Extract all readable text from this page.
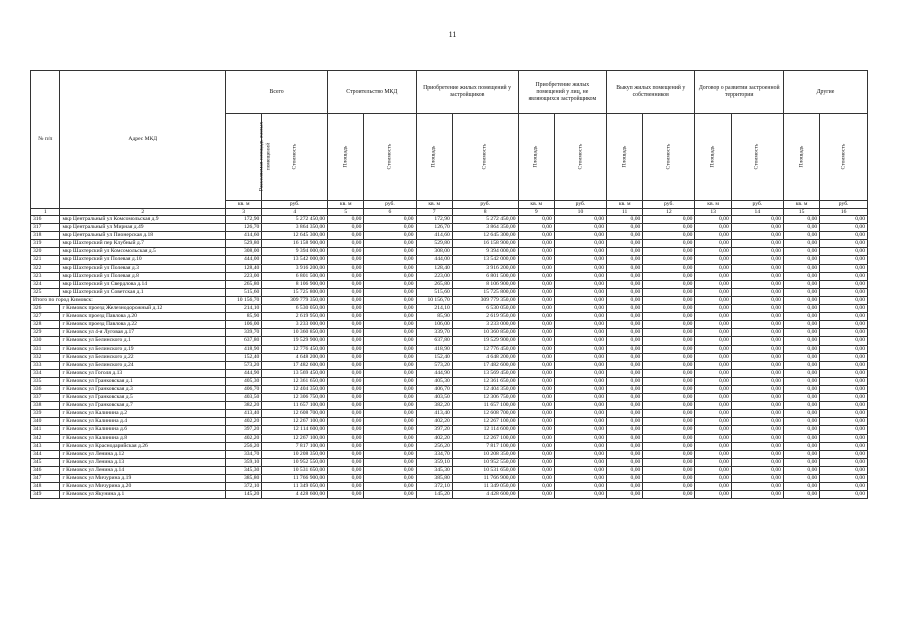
11
№ п/п	Адрес МКД	Всего		Строительство МКД		Приобретение жилых помещений у застройщиков		Приобретение жилых помещений у лиц, не являющихся застройщиком		Выкуп жилых помещений у собственников		Договор о развитии застроенной территории		Другие	
		Расселяемая площадь жилых помещений	Стоимость	Площадь	Стоимость	Площадь	Стоимость	Площадь	Стоимость	Площадь	Стоимость	Площадь	Стоимость	Площадь	Стоимость
		кв. м	руб.	кв. м	руб.	кв. м	руб.	кв. м	руб.	кв. м	руб.	кв. м	руб.	кв. м	руб.
1	2	3	4	5	6	7	8	9	10	11	12	13	14	15	16
316	мкр Центральный ул Комсомольская д.9	172,90	5 272 450,00	0,00	0,00	172,90	5 272 450,00	0,00	0,00	0,00	0,00	0,00	0,00	0,00	0,00
317	мкр Центральный ул Мирная д.49	126,70	3 864 350,00	0,00	0,00	126,70	3 864 350,00	0,00	0,00	0,00	0,00	0,00	0,00	0,00	0,00
318	мкр Центральный ул Пионерская д.18	414,60	12 645 300,00	0,00	0,00	414,60	12 645 300,00	0,00	0,00	0,00	0,00	0,00	0,00	0,00	0,00
319	мкр Шахтерский пер Клубный д.7	529,80	16 158 900,00	0,00	0,00	529,80	16 158 900,00	0,00	0,00	0,00	0,00	0,00	0,00	0,00	0,00
320	мкр Шахтерский ул Комсомольская д.5	308,00	9 394 000,00	0,00	0,00	308,00	9 394 000,00	0,00	0,00	0,00	0,00	0,00	0,00	0,00	0,00
321	мкр Шахтерский ул Полевая д.10	444,00	13 542 000,00	0,00	0,00	444,00	13 542 000,00	0,00	0,00	0,00	0,00	0,00	0,00	0,00	0,00
322	мкр Шахтерский ул Полевая д.3	128,40	3 916 200,00	0,00	0,00	128,40	3 916 200,00	0,00	0,00	0,00	0,00	0,00	0,00	0,00	0,00
323	мкр Шахтерский ул Полевая д.8	223,00	6 801 500,00	0,00	0,00	223,00	6 801 500,00	0,00	0,00	0,00	0,00	0,00	0,00	0,00	0,00
324	мкр Шахтерский ул Свердлова д.14	265,80	8 106 900,00	0,00	0,00	265,80	8 106 900,00	0,00	0,00	0,00	0,00	0,00	0,00	0,00	0,00
325	мкр Шахтерский ул Советская д.1	515,60	15 725 800,00	0,00	0,00	515,60	15 725 800,00	0,00	0,00	0,00	0,00	0,00	0,00	0,00	0,00
Итого по город Кимовск:		10 156,70	309 779 350,00	0,00	0,00	10 156,70	309 779 350,00	0,00	0,00	0,00	0,00	0,00	0,00	0,00	0,00
326	г Кимовск проезд Железнодорожный д.12	214,10	6 530 050,00	0,00	0,00	214,10	6 530 050,00	0,00	0,00	0,00	0,00	0,00	0,00	0,00	0,00
327	г Кимовск проезд Павлова д.20	85,90	2 619 950,00	0,00	0,00	85,90	2 619 950,00	0,00	0,00	0,00	0,00	0,00	0,00	0,00	0,00
328	г Кимовск проезд Павлова д.22	106,00	3 233 000,00	0,00	0,00	106,00	3 233 000,00	0,00	0,00	0,00	0,00	0,00	0,00	0,00	0,00
329	г Кимовск ул 4-я Луговая д.17	339,70	10 360 850,00	0,00	0,00	339,70	10 360 850,00	0,00	0,00	0,00	0,00	0,00	0,00	0,00	0,00
330	г Кимовск ул Белинского д.1	637,80	19 529 900,00	0,00	0,00	637,80	19 529 900,00	0,00	0,00	0,00	0,00	0,00	0,00	0,00	0,00
331	г Кимовск ул Белинского д.19	418,90	12 776 450,00	0,00	0,00	418,90	12 776 450,00	0,00	0,00	0,00	0,00	0,00	0,00	0,00	0,00
332	г Кимовск ул Белинского д.22	152,40	4 648 200,00	0,00	0,00	152,40	4 648 200,00	0,00	0,00	0,00	0,00	0,00	0,00	0,00	0,00
333	г Кимовск ул Белинского д.24	573,20	17 482 600,00	0,00	0,00	573,20	17 482 600,00	0,00	0,00	0,00	0,00	0,00	0,00	0,00	0,00
334	г Кимовск ул Гоголя д.13	444,90	13 569 450,00	0,00	0,00	444,90	13 569 450,00	0,00	0,00	0,00	0,00	0,00	0,00	0,00	0,00
335	г Кимовск ул Гранковская д.1	405,30	12 361 650,00	0,00	0,00	405,30	12 361 650,00	0,00	0,00	0,00	0,00	0,00	0,00	0,00	0,00
336	г Кимовск ул Гранковская д.3	406,70	12 404 350,00	0,00	0,00	406,70	12 404 350,00	0,00	0,00	0,00	0,00	0,00	0,00	0,00	0,00
337	г Кимовск ул Гранковская д.5	403,50	12 306 750,00	0,00	0,00	403,50	12 306 750,00	0,00	0,00	0,00	0,00	0,00	0,00	0,00	0,00
338	г Кимовск ул Гранковская д.7	382,20	11 657 100,00	0,00	0,00	382,20	11 657 100,00	0,00	0,00	0,00	0,00	0,00	0,00	0,00	0,00
339	г Кимовск ул Калинина д.2	413,40	12 608 700,00	0,00	0,00	413,40	12 608 700,00	0,00	0,00	0,00	0,00	0,00	0,00	0,00	0,00
340	г Кимовск ул Калинина д.4	402,20	12 267 100,00	0,00	0,00	402,20	12 267 100,00	0,00	0,00	0,00	0,00	0,00	0,00	0,00	0,00
341	г Кимовск ул Калинина д.6	397,20	12 114 600,00	0,00	0,00	397,20	12 114 600,00	0,00	0,00	0,00	0,00	0,00	0,00	0,00	0,00
342	г Кимовск ул Калинина д.8	402,20	12 267 100,00	0,00	0,00	402,20	12 267 100,00	0,00	0,00	0,00	0,00	0,00	0,00	0,00	0,00
343	г Кимовск ул Краснодарийская д.26	256,20	7 817 100,00	0,00	0,00	256,20	7 817 100,00	0,00	0,00	0,00	0,00	0,00	0,00	0,00	0,00
344	г Кимовск ул Ленина д.12	334,70	10 208 350,00	0,00	0,00	334,70	10 208 350,00	0,00	0,00	0,00	0,00	0,00	0,00	0,00	0,00
345	г Кимовск ул Ленина д.13	359,10	10 952 550,00	0,00	0,00	359,10	10 952 550,00	0,00	0,00	0,00	0,00	0,00	0,00	0,00	0,00
346	г Кимовск ул Ленина д.14	345,30	10 531 650,00	0,00	0,00	345,30	10 531 650,00	0,00	0,00	0,00	0,00	0,00	0,00	0,00	0,00
347	г Кимовск ул Мичурина д.19	385,80	11 766 900,00	0,00	0,00	385,80	11 766 900,00	0,00	0,00	0,00	0,00	0,00	0,00	0,00	0,00
348	г Кимовск ул Мичурина д.20	372,10	11 349 050,00	0,00	0,00	372,10	11 349 050,00	0,00	0,00	0,00	0,00	0,00	0,00	0,00	0,00
349	г Кимовск ул Якунина д.1	145,20	4 428 600,00	0,00	0,00	145,20	4 428 600,00	0,00	0,00	0,00	0,00	0,00	0,00	0,00	0,00
